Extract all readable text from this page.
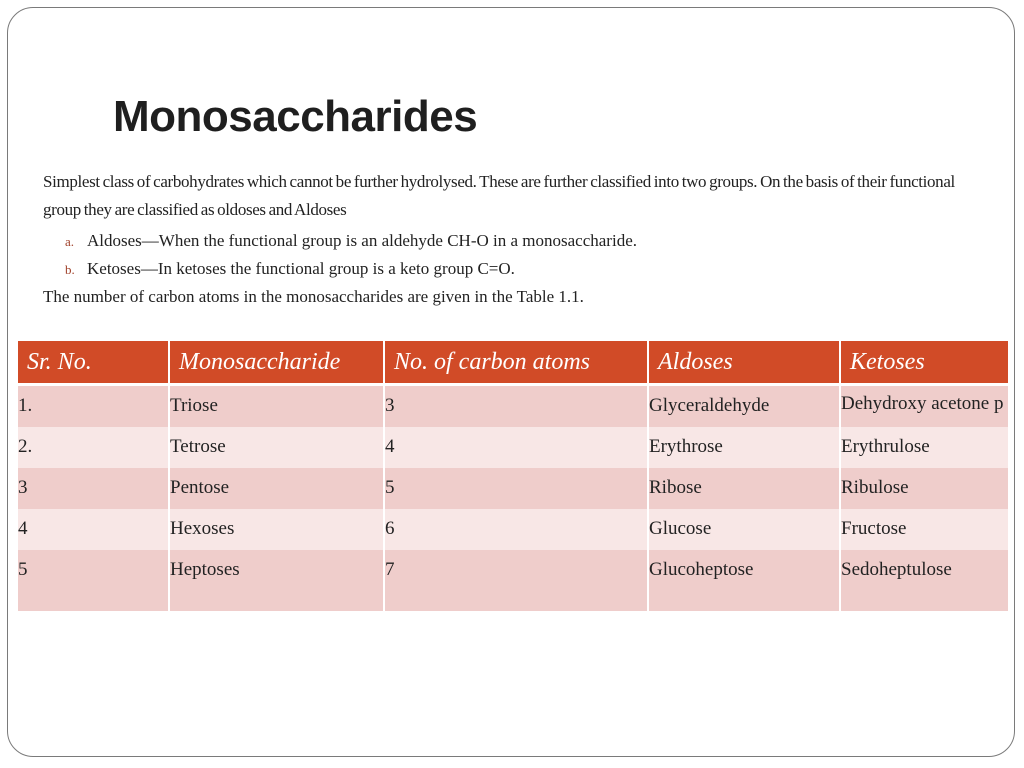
Monosaccharides
Simplest class of carbohydrates which cannot be further hydrolysed. These are further classified into two groups. On the basis of their functional group they are classified as oldoses and Aldoses
a. Aldoses—When the functional group is an aldehyde CH-O in a monosaccharide.
b. Ketoses—In ketoses the functional group is a keto group C=O.
The number of carbon atoms in the monosaccharides are given in the Table 1.1.
Sr. No.	Monosaccharide	No. of carbon atoms	Aldoses	Ketoses

1.	Triose	3	Glyceraldehyde	Dehydroxy acetone p

2.	Tetrose	4	Erythrose	Erythrulose
3	Pentose	5	Ribose	Ribulose
4	Hexoses	6	Glucose	Fructose
5	Heptoses	7	Glucoheptose	Sedoheptulose
